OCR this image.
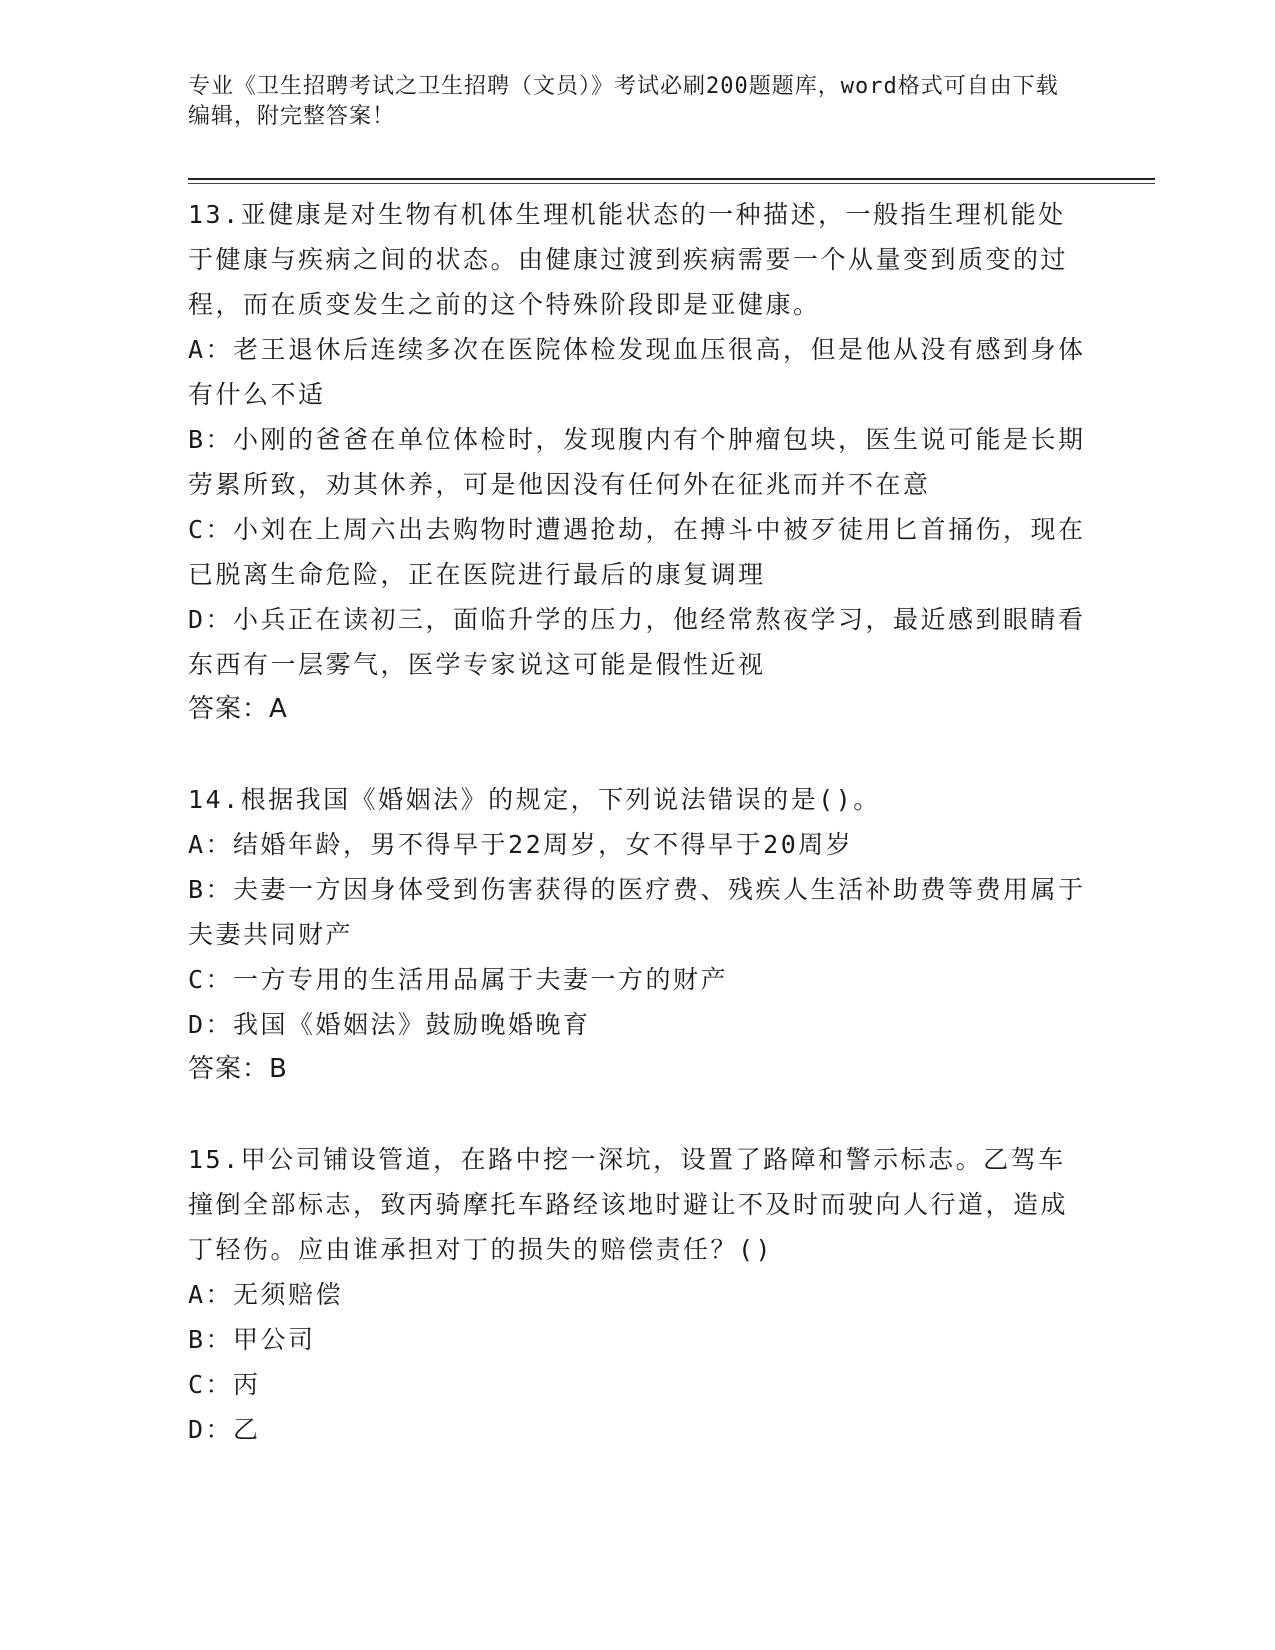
专业《卫生招聘考试之卫生招聘（文员）》考试必刷200题题库，word格式可自由下载编辑，附完整答案！

13.亚健康是对生物有机体生理机能状态的一种描述，一般指生理机能处于健康与疾病之间的状态。由健康过渡到疾病需要一个从量变到质变的过程，而在质变发生之前的这个特殊阶段即是亚健康。

A：老王退休后连续多次在医院体检发现血压很高，但是他从没有感到身体有什么不适

B：小刚的爸爸在单位体检时，发现腹内有个肿瘤包块，医生说可能是长期劳累所致，劝其休养，可是他因没有任何外在征兆而并不在意

C：小刘在上周六出去购物时遭遇抢劫，在搏斗中被歹徒用匕首捅伤，现在已脱离生命危险，正在医院进行最后的康复调理

D：小兵正在读初三，面临升学的压力，他经常熬夜学习，最近感到眼睛看东西有一层雾气，医学专家说这可能是假性近视

答案：A

14.根据我国《婚姻法》的规定，下列说法错误的是()。

A：结婚年龄，男不得早于22周岁，女不得早于20周岁

B：夫妻一方因身体受到伤害获得的医疗费、残疾人生活补助费等费用属于夫妻共同财产

C：一方专用的生活用品属于夫妻一方的财产

D：我国《婚姻法》鼓励晚婚晚育

答案：B

15.甲公司铺设管道，在路中挖一深坑，设置了路障和警示标志。乙驾车撞倒全部标志，致丙骑摩托车路经该地时避让不及时而驶向人行道，造成丁轻伤。应由谁承担对丁的损失的赔偿责任？()

A：无须赔偿

B：甲公司

C：丙

D：乙
